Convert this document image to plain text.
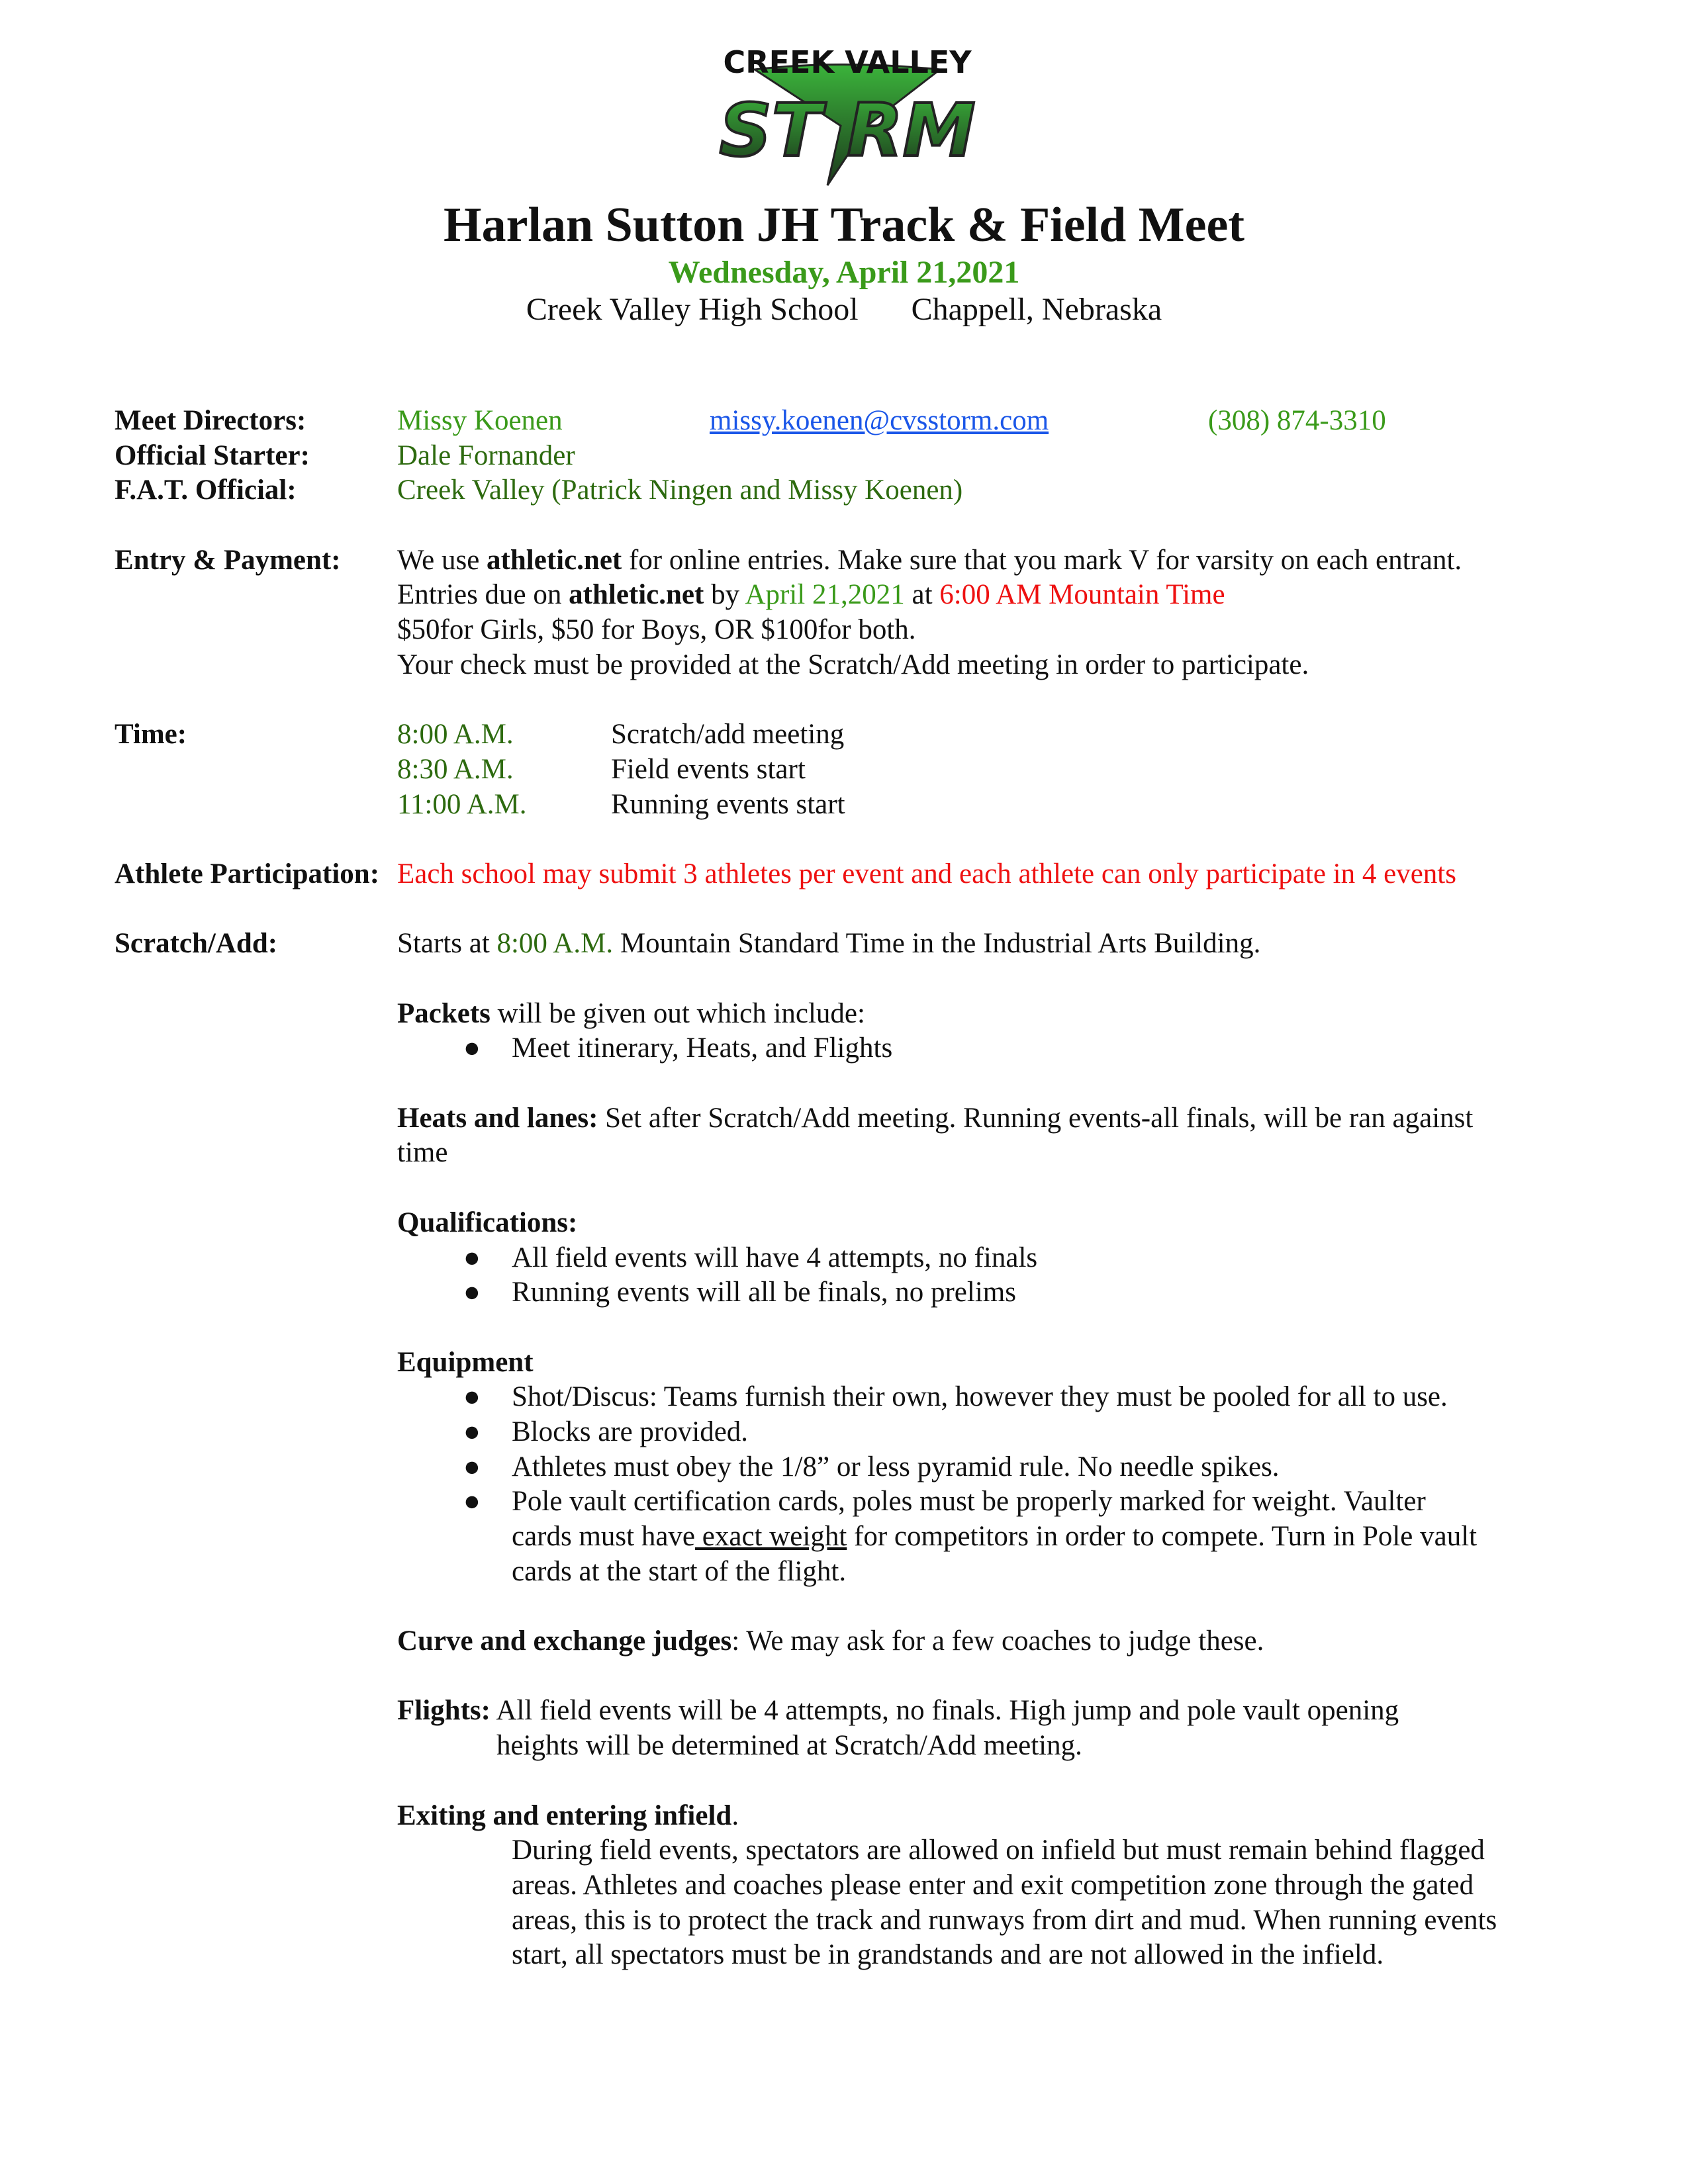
CREEK VALLEY
ST RM
Harlan Sutton JH Track & Field Meet
Wednesday, April 21,2021
Creek Valley High School Chappell, Nebraska
Meet Directors:	Missy Koenen	missy.koenen@cvsstorm.com	(308) 874-3310
Official Starter:	Dale Fornander
F.A.T. Official:	Creek Valley (Patrick Ningen and Missy Koenen)
Entry & Payment: We use athletic.net for online entries. Make sure that you mark V for varsity on each entrant.
Entries due on athletic.net by April 21,2021 at 6:00 AM Mountain Time
$50for Girls, $50 for Boys, OR $100for both.
Your check must be provided at the Scratch/Add meeting in order to participate.
Time:	8:00 A.M.	Scratch/add meeting
8:30 A.M.	Field events start
11:00 A.M.	Running events start
Athlete Participation: Each school may submit 3 athletes per event and each athlete can only participate in 4 events
Scratch/Add:	Starts at 8:00 A.M. Mountain Standard Time in the Industrial Arts Building.
Packets will be given out which include:
● Meet itinerary, Heats, and Flights
Heats and lanes: Set after Scratch/Add meeting. Running events-all finals, will be ran against
time
Qualifications:
● All field events will have 4 attempts, no finals
● Running events will all be finals, no prelims
Equipment
● Shot/Discus: Teams furnish their own, however they must be pooled for all to use.
● Blocks are provided.
● Athletes must obey the 1/8” or less pyramid rule. No needle spikes.
● Pole vault certification cards, poles must be properly marked for weight. Vaulter
cards must have exact weight for competitors in order to compete. Turn in Pole vault
cards at the start of the flight.
Curve and exchange judges: We may ask for a few coaches to judge these.
Flights: All field events will be 4 attempts, no finals. High jump and pole vault opening
heights will be determined at Scratch/Add meeting.
Exiting and entering infield.
During field events, spectators are allowed on infield but must remain behind flagged
areas. Athletes and coaches please enter and exit competition zone through the gated
areas, this is to protect the track and runways from dirt and mud. When running events
start, all spectators must be in grandstands and are not allowed in the infield.
